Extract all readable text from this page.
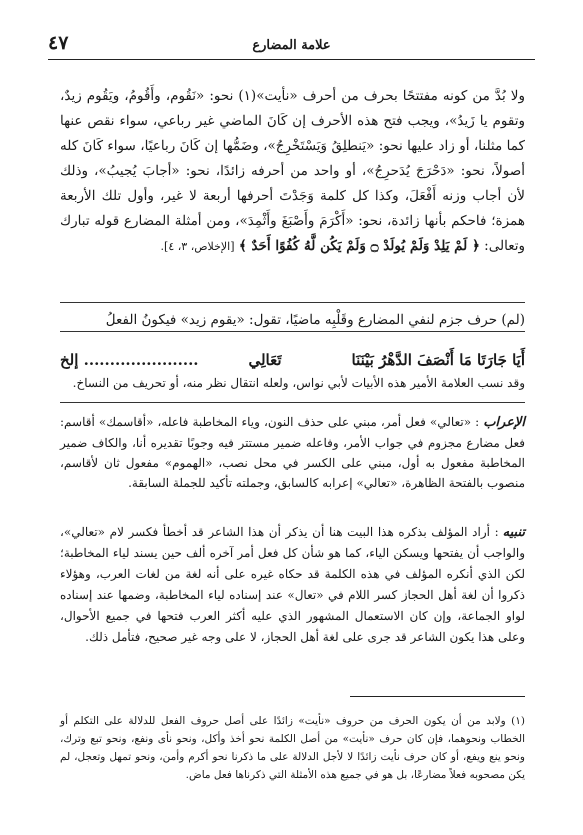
علامة المضارع
٤٧

ولا بُدَّ من كونه مفتتحًا بحرف من أحرف «نأيت»(١) نحو: «نَقُوم، وأَقُومُ، ويَقُوم زيدٌ، وتقوم يا زَيدُ»، ويجب فتح هذه الأحرف إن كَانَ الماضي غير رباعي، سواء نقص عنها كما مثلنا، أو زاد عليها نحو: «يَنطلِقُ وَيَسْتَخْرِجُ»، وضَمُّها إن كَانَ رباعيًا، سواء كَانَ كله أصولاً، نحو: «دَحْرَجَ يُدَحرِجُ»، أو واحد من أحرفه زائدًا، نحو: «أجابَ يُجيبُ»، وذلك لأن أجاب وزنه أَفْعَلَ، وكذا كل كلمة وَجَدْتَ أحرفها أربعة لا غير، وأول تلك الأربعة همزة؛ فاحكم بأنها زائدة، نحو: «أَكْرَمَ وأَصْبَغَ وأَثْمِدَ»، ومن أمثلة المضارع قوله تبارك وتعالى: ﴿ لَمْ يَلِدْ وَلَمْ يُولَدْ ۝ وَلَمْ يَكُن لَّهُ كُفُوًا أَحَدٌ ﴾ [الإخلاص، ٣، ٤].

(لم) حرف جزم لنفي المضارع وقَلْبِه ماضيًا، تقول: «يقوم زيد» فيكونُ الفعلُ
أَيَا جَارَتَا مَا أَنْصَفَ الدَّهْرُ بَيْنَنَا
تَعَالِي
...................... إلخ
وقد نسب العلامة الأمير هذه الأبيات لأبي نواس، ولعله انتقال نظر منه، أو تحريف من النساخ.
الإعراب: «تعالي» فعل أمر، مبني على حذف النون، وياء المخاطبة فاعله، «أقاسمك» أقاسم: فعل مضارع مجزوم في جواب الأمر، وفاعله ضمير مستتر فيه وجوبًا تقديره أنا، والكاف ضمير المخاطبة مفعول به أول، مبني على الكسر في محل نصب، «الهموم» مفعول ثان لأقاسم، منصوب بالفتحة الظاهرة، «تعالي» إعرابه كالسابق، وجملته تأكيد للجملة السابقة.
تنبيه: أراد المؤلف بذكره هذا البيت هنا أن يذكر أن هذا الشاعر قد أخطأ فكسر لام «تعالي»، والواجب أن يفتحها ويسكن الياء، كما هو شأن كل فعل أمر آخره ألف حين يسند لياء المخاطبة؛ لكن الذي أنكره المؤلف في هذه الكلمة قد حكاه غيره على أنه لغة من لغات العرب، وهؤلاء ذكروا أن لغة أهل الحجاز كسر اللام في «تعال» عند إسناده لياء المخاطبة، وضمها عند إسناده لواو الجماعة، وإن كان الاستعمال المشهور الذي عليه أكثر العرب فتحها في جميع الأحوال، وعلى هذا يكون الشاعر قد جرى على لغة أهل الحجاز، لا على وجه غير صحيح، فتأمل ذلك.
(١) ولابد من أن يكون الحرف من حروف «نأيت» زائدًا على أصل حروف الفعل للدلالة على التكلم أو الخطاب ونحوهما، فإن كان حرف «نأيت» من أصل الكلمة نحو أخذ وأكل، ونحو نأى ونفع، ونحو تبع وترك، ونحو ينع ويفع، أو كان حرف نأيت زائدًا لا لأجل الدلالة على ما ذكرنا نحو أكرم وأمن، ونحو تمهل وتعجل، لم يكن مصحوبه فعلاً مضارعًا، بل هو في جميع هذه الأمثلة التي ذكرناها فعل ماض.
